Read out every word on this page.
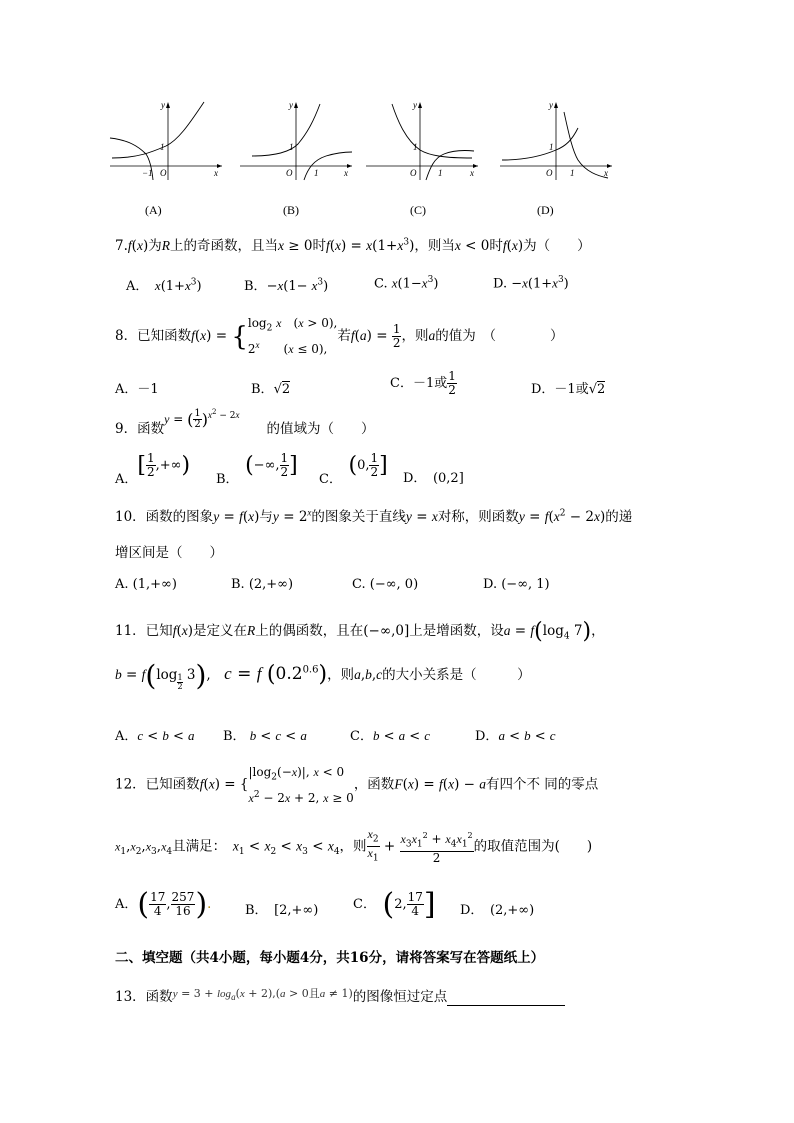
y
x
O
1
−1
y
x
O
1
1
y
x
O
1
1
y
x
O
1
1
(A)	(B)	(C)	(D)
7.f(x)为R上的奇函数，且当x ≥ 0时$f(x) = x(1+x^3)$，则当x < 0时f(x)为（　　）
A．　 $x(1+x^3)$	B．$-x(1- x^3)$	C. $x(1-x^3)$	D. $-x(1+x^3)$
8．已知函数f(x) = { $\log_2 x$　(x > 0),
2$^x$　　(x ≤ 0),
若$f(a) = \frac{1}{2}$ ，则a的值为　（　　　　）
A．－1	B．√2	C．－1或 $\frac{1}{2}$	D．－1或√2
9．函数y = ( $\frac{1}{2} )^{x^2 - 2x}$　　的值域为（　　）
A．[ $\frac{1}{2}$ ,+∞)
B．　(−∞, $\frac{1}{2}$ ]
C．　(0, $\frac{1}{2}$ ]
D．　 (0,2]
10．函数的图象y = f(x)与$y = 2^x$的图象关于直线y = x对称，则函数$y = f(x^2 - 2x)$的递
增区间是（　　）
A. (1,+∞)	B. (2,+∞)	C. (−∞, 0)	D. (−∞, 1)
11．已知f(x)是定义在R上的偶函数，且在(−∞,0]上是增函数，设$a = f(\log_4$ 7)，
$b = f(\log \frac{1}{2} 3)$,　c = f $(0.2^{0.6})$，则a,b,c的大小关系是（　　　）
A．c < b < a B． b < c < a	C．b < a < c	D．a < b < c
12．已知函数f(x) = {
$|\log_2(-x)|$, x < 0
$x^2 - 2x + 2$, x ≥ 0
，函数F(x) = f(x) − a有四个不 同的零点
$x_1,x_2,x_3,x_4$且满足：　 $x_1 < x_2 < x_3 < x_4$，则 $\frac{x_2}{x_1} + \frac{x_3x_1^2 + x_4x_1^2}{2}$ 的取值范围为(　　)
A．( $\frac{17}{4}$ , $\frac{257}{16}$ ).	B．　[2,+∞)	C．　 (2, $\frac{17}{4}$ ] D．　(2,+∞)
二、填空题（共4小题，每小题4分，共16分，请将答案写在答题纸上）
13．函数$^{y = 3 + log_a(x + 2),(a > 0且a \ne 1)}$的图像恒过定点
